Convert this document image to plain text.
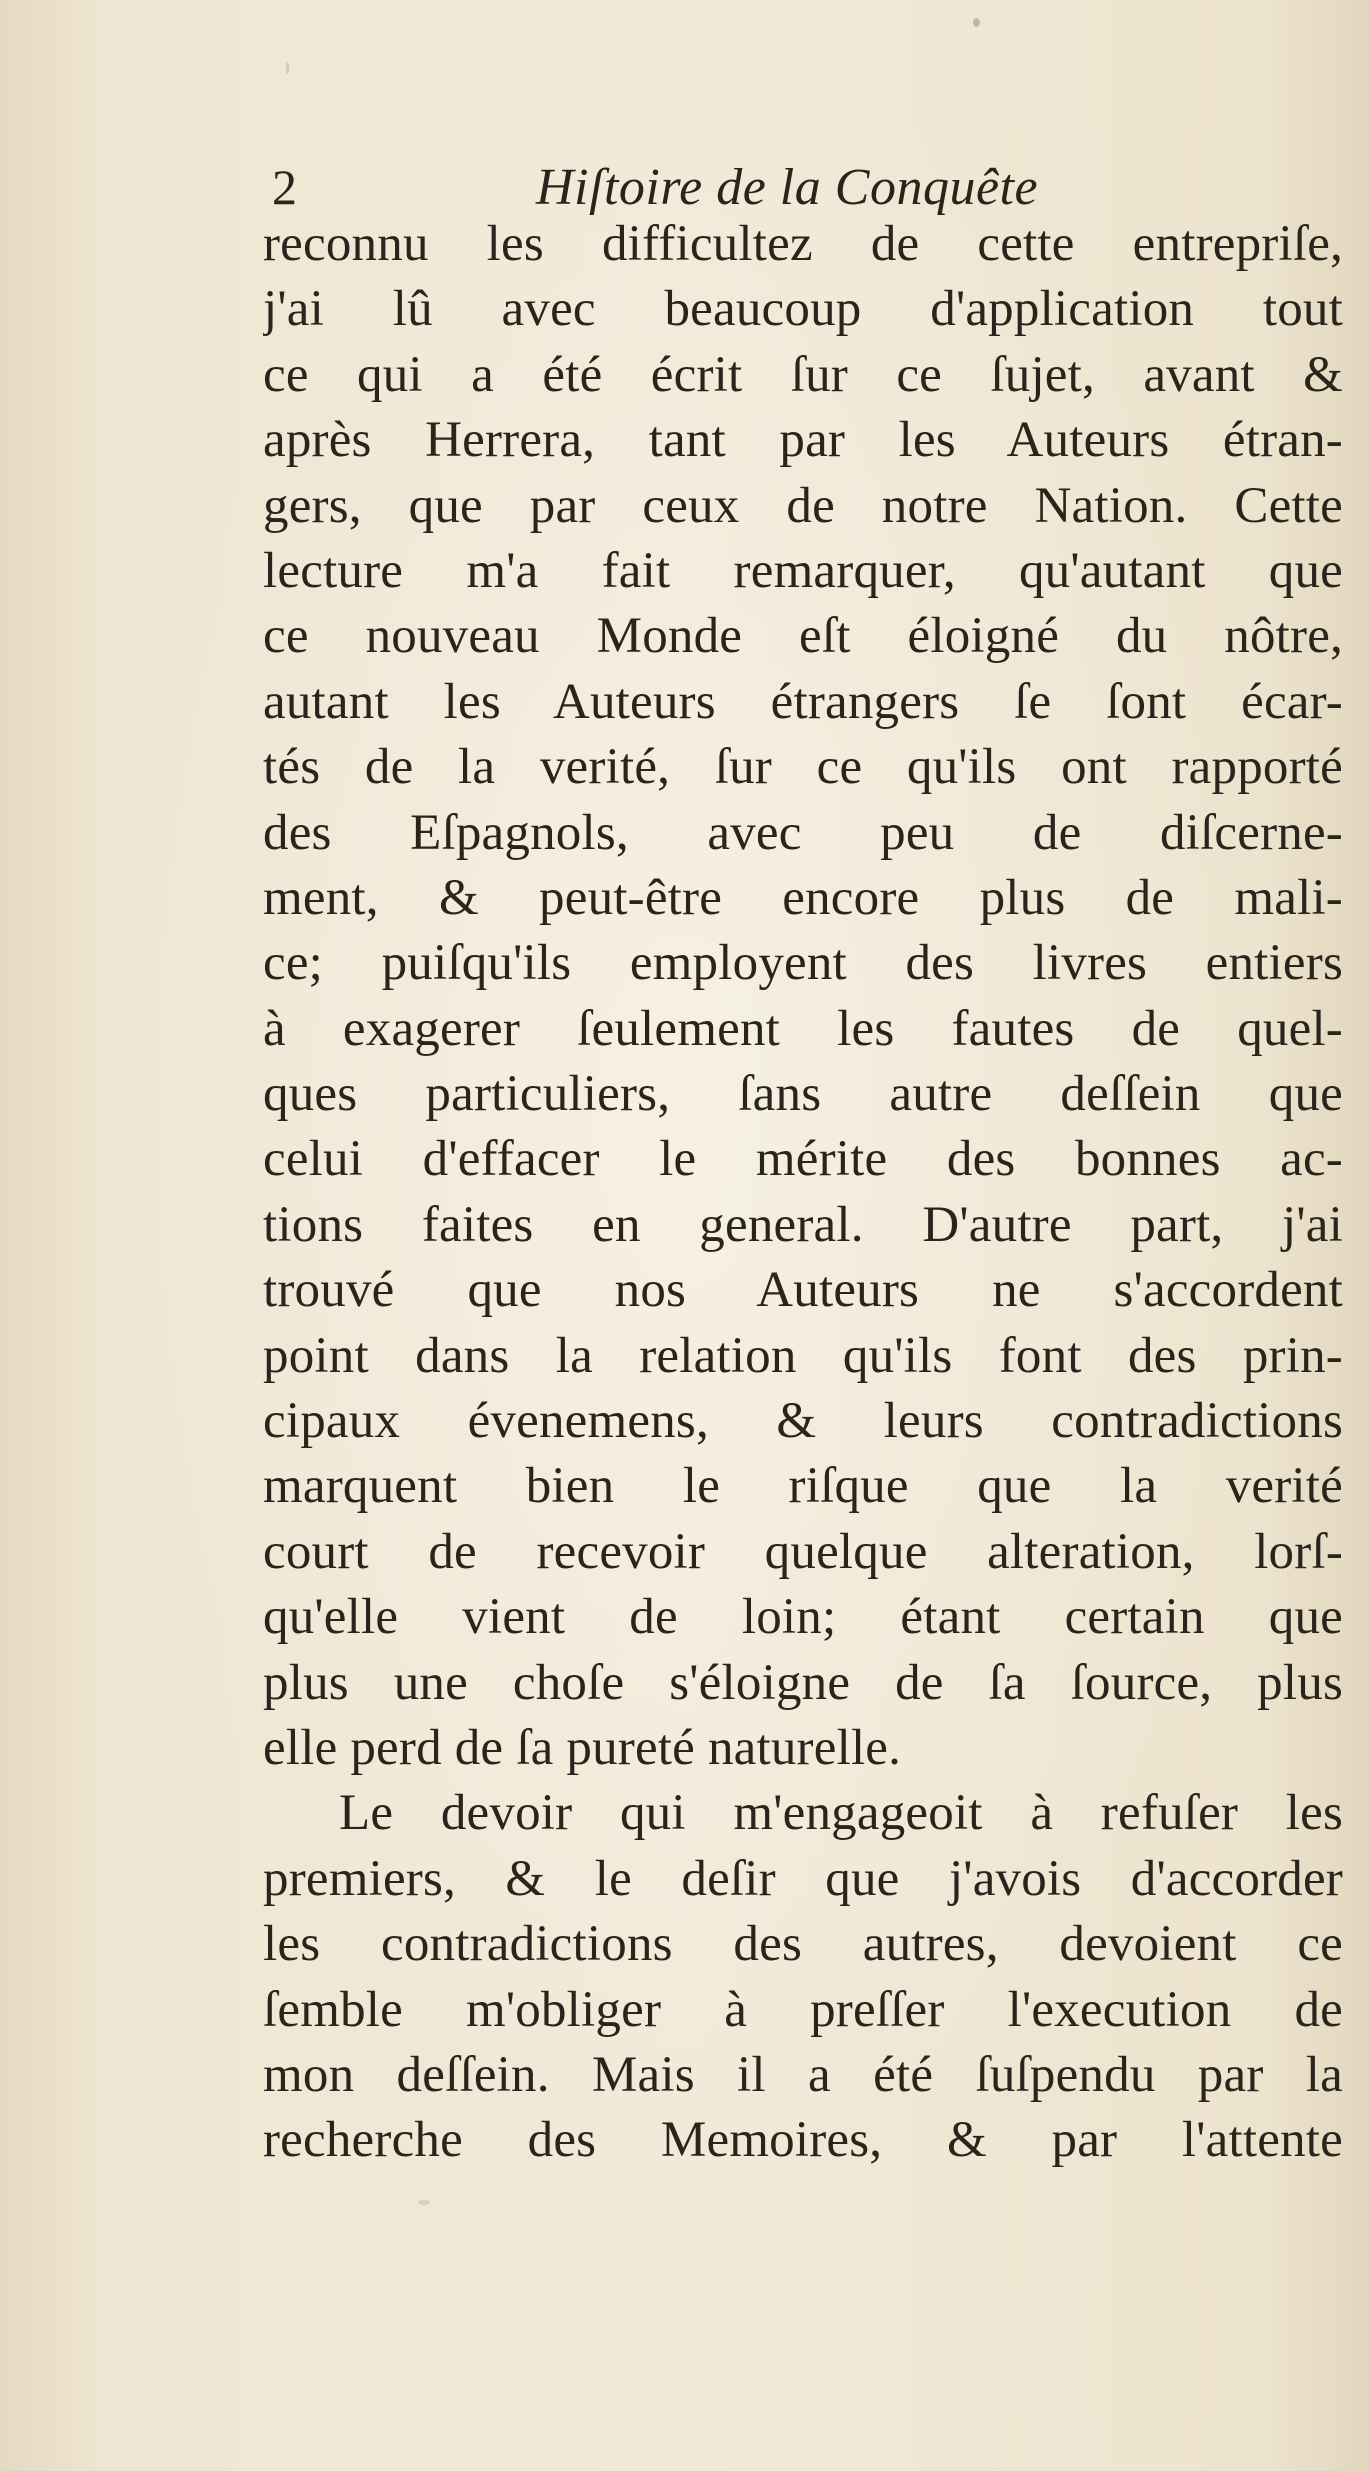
2	Hiſtoire de la Conquête
reconnu les difficultez de cette entrepriſe,
j'ai lû avec beaucoup d'application tout
ce qui a été écrit ſur ce ſujet, avant &
après Herrera, tant par les Auteurs étran-
gers, que par ceux de notre Nation. Cette
lecture m'a fait remarquer, qu'autant que
ce nouveau Monde eſt éloigné du nôtre,
autant les Auteurs étrangers ſe ſont écar-
tés de la verité, ſur ce qu'ils ont rapporté
des Eſpagnols, avec peu de diſcerne-
ment, & peut-être encore plus de mali-
ce; puiſqu'ils employent des livres entiers
à exagerer ſeulement les fautes de quel-
ques particuliers, ſans autre deſſein que
celui d'effacer le mérite des bonnes ac-
tions faites en general. D'autre part, j'ai
trouvé que nos Auteurs ne s'accordent
point dans la relation qu'ils font des prin-
cipaux évenemens, & leurs contradictions
marquent bien le riſque que la verité
court de recevoir quelque alteration, lorſ-
qu'elle vient de loin; étant certain que
plus une choſe s'éloigne de ſa ſource, plus
elle perd de ſa pureté naturelle.
Le devoir qui m'engageoit à refuſer les
premiers, & le deſir que j'avois d'accorder
les contradictions des autres, devoient ce
ſemble m'obliger à preſſer l'execution de
mon deſſein. Mais il a été ſuſpendu par la
recherche des Memoires, & par l'attente
